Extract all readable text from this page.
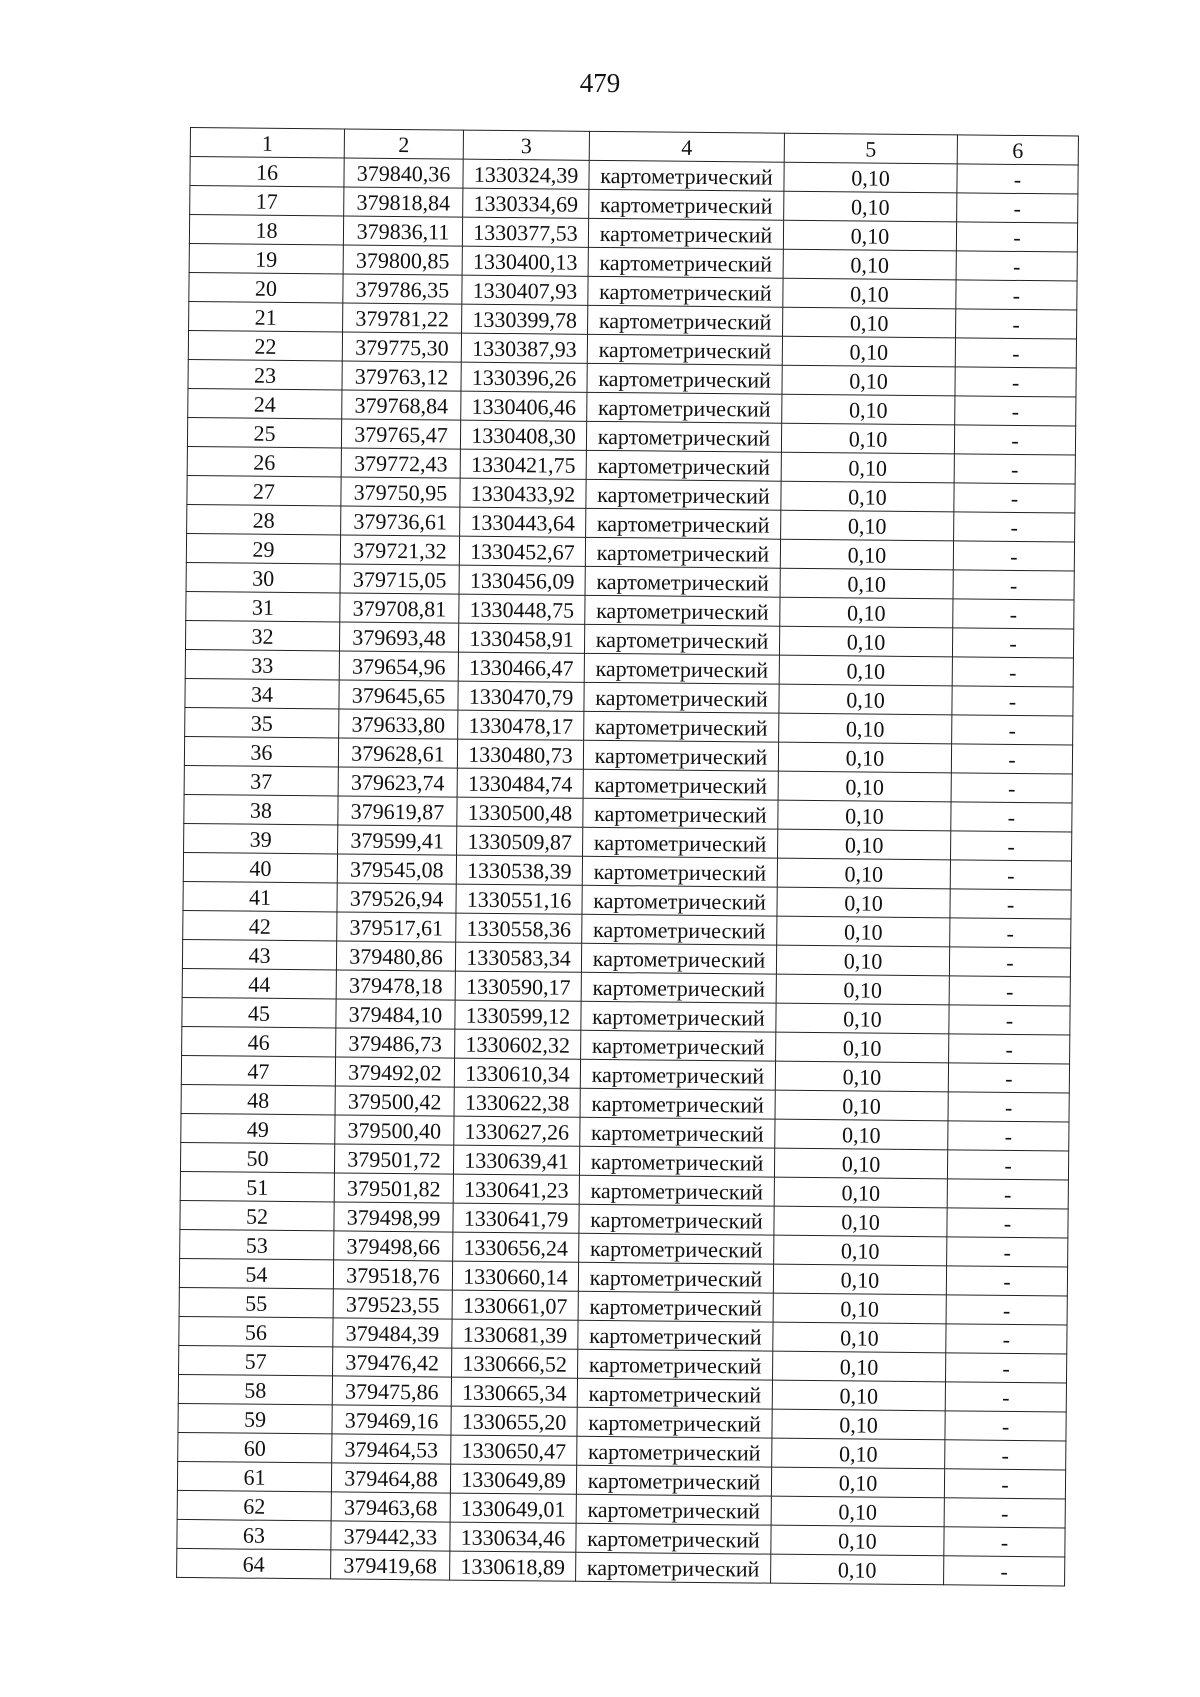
479
1	2	3	4	5	6
16	379840,36	1330324,39	картометрический	0,10	-
17	379818,84	1330334,69	картометрический	0,10	-
18	379836,11	1330377,53	картометрический	0,10	-
19	379800,85	1330400,13	картометрический	0,10	-
20	379786,35	1330407,93	картометрический	0,10	-
21	379781,22	1330399,78	картометрический	0,10	-
22	379775,30	1330387,93	картометрический	0,10	-
23	379763,12	1330396,26	картометрический	0,10	-
24	379768,84	1330406,46	картометрический	0,10	-
25	379765,47	1330408,30	картометрический	0,10	-
26	379772,43	1330421,75	картометрический	0,10	-
27	379750,95	1330433,92	картометрический	0,10	-
28	379736,61	1330443,64	картометрический	0,10	-
29	379721,32	1330452,67	картометрический	0,10	-
30	379715,05	1330456,09	картометрический	0,10	-
31	379708,81	1330448,75	картометрический	0,10	-
32	379693,48	1330458,91	картометрический	0,10	-
33	379654,96	1330466,47	картометрический	0,10	-
34	379645,65	1330470,79	картометрический	0,10	-
35	379633,80	1330478,17	картометрический	0,10	-
36	379628,61	1330480,73	картометрический	0,10	-
37	379623,74	1330484,74	картометрический	0,10	-
38	379619,87	1330500,48	картометрический	0,10	-
39	379599,41	1330509,87	картометрический	0,10	-
40	379545,08	1330538,39	картометрический	0,10	-
41	379526,94	1330551,16	картометрический	0,10	-
42	379517,61	1330558,36	картометрический	0,10	-
43	379480,86	1330583,34	картометрический	0,10	-
44	379478,18	1330590,17	картометрический	0,10	-
45	379484,10	1330599,12	картометрический	0,10	-
46	379486,73	1330602,32	картометрический	0,10	-
47	379492,02	1330610,34	картометрический	0,10	-
48	379500,42	1330622,38	картометрический	0,10	-
49	379500,40	1330627,26	картометрический	0,10	-
50	379501,72	1330639,41	картометрический	0,10	-
51	379501,82	1330641,23	картометрический	0,10	-
52	379498,99	1330641,79	картометрический	0,10	-
53	379498,66	1330656,24	картометрический	0,10	-
54	379518,76	1330660,14	картометрический	0,10	-
55	379523,55	1330661,07	картометрический	0,10	-
56	379484,39	1330681,39	картометрический	0,10	-
57	379476,42	1330666,52	картометрический	0,10	-
58	379475,86	1330665,34	картометрический	0,10	-
59	379469,16	1330655,20	картометрический	0,10	-
60	379464,53	1330650,47	картометрический	0,10	-
61	379464,88	1330649,89	картометрический	0,10	-
62	379463,68	1330649,01	картометрический	0,10	-
63	379442,33	1330634,46	картометрический	0,10	-
64	379419,68	1330618,89	картометрический	0,10	-
